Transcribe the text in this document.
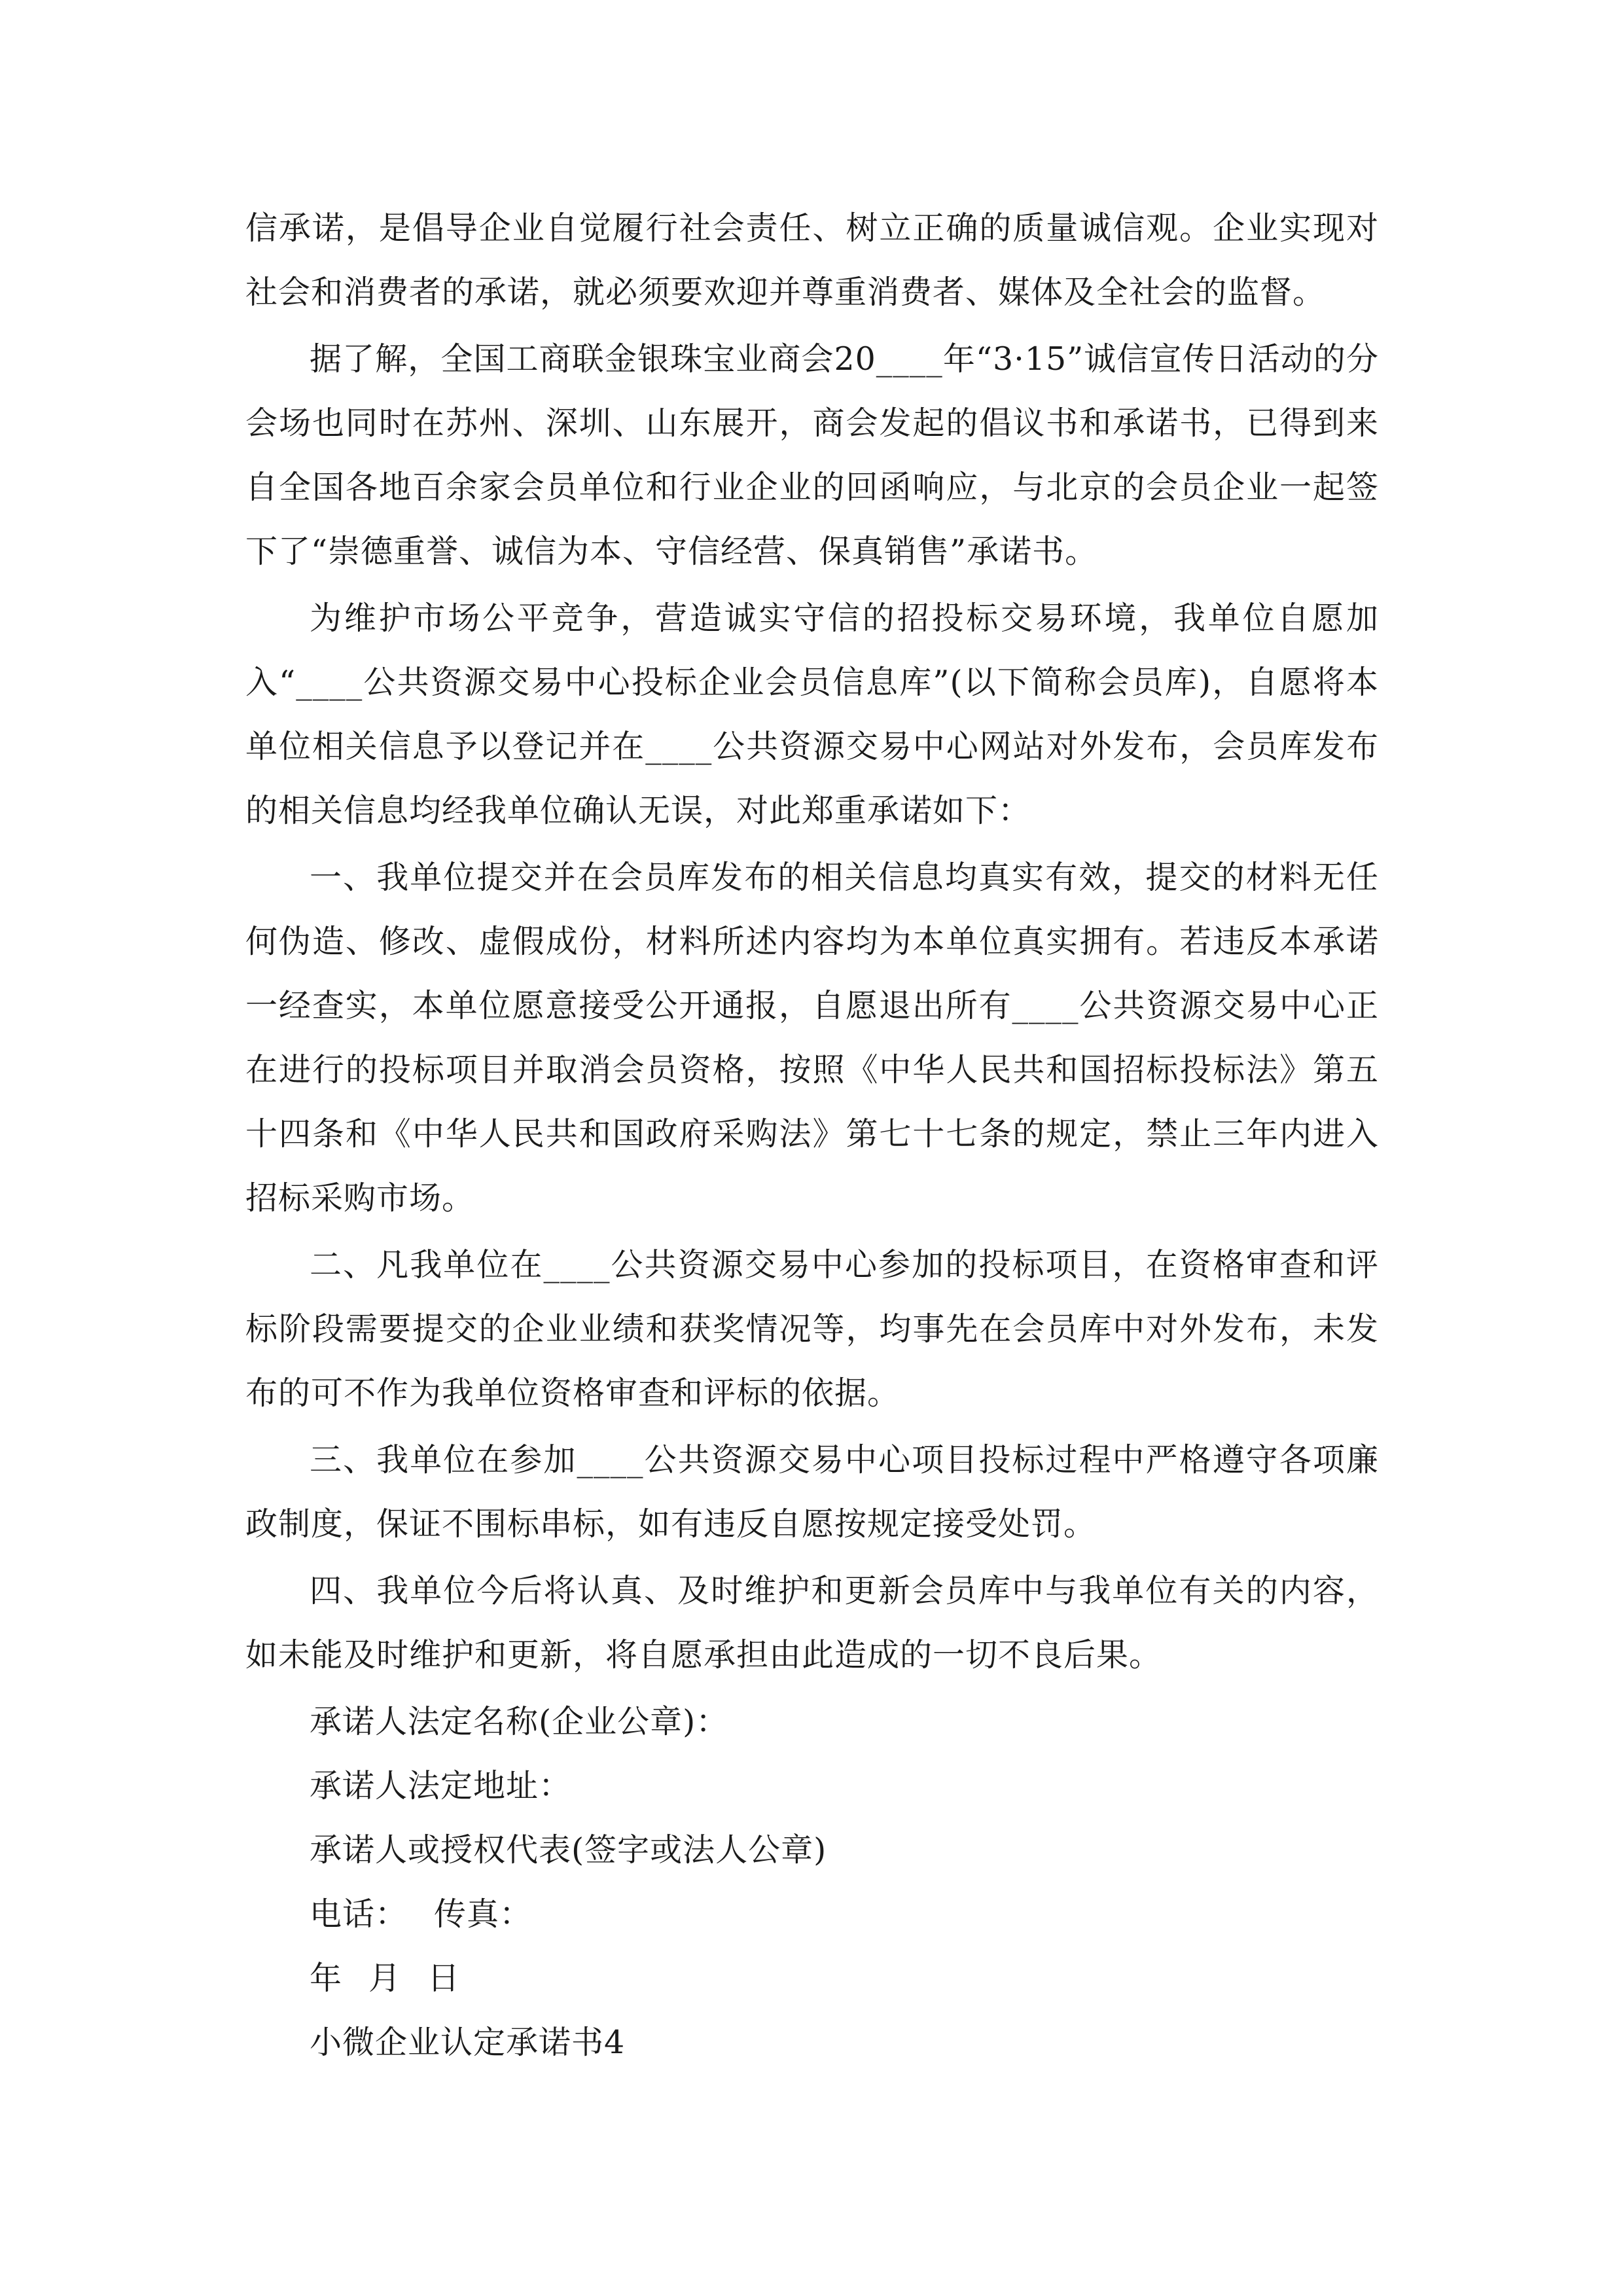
信承诺，是倡导企业自觉履行社会责任、树立正确的质量诚信观。企业实现对社会和消费者的承诺，就必须要欢迎并尊重消费者、媒体及全社会的监督。

据了解，全国工商联金银珠宝业商会20____年“3·15”诚信宣传日活动的分会场也同时在苏州、深圳、山东展开，商会发起的倡议书和承诺书，已得到来自全国各地百余家会员单位和行业企业的回函响应，与北京的会员企业一起签下了“崇德重誉、诚信为本、守信经营、保真销售”承诺书。

为维护市场公平竞争，营造诚实守信的招投标交易环境，我单位自愿加入“____公共资源交易中心投标企业会员信息库”(以下简称会员库)，自愿将本单位相关信息予以登记并在____公共资源交易中心网站对外发布，会员库发布的相关信息均经我单位确认无误，对此郑重承诺如下：

一、我单位提交并在会员库发布的相关信息均真实有效，提交的材料无任何伪造、修改、虚假成份，材料所述内容均为本单位真实拥有。若违反本承诺一经查实，本单位愿意接受公开通报，自愿退出所有____公共资源交易中心正在进行的投标项目并取消会员资格，按照《中华人民共和国招标投标法》第五十四条和《中华人民共和国政府采购法》第七十七条的规定，禁止三年内进入招标采购市场。

二、凡我单位在____公共资源交易中心参加的投标项目，在资格审查和评标阶段需要提交的企业业绩和获奖情况等，均事先在会员库中对外发布，未发布的可不作为我单位资格审查和评标的依据。

三、我单位在参加____公共资源交易中心项目投标过程中严格遵守各项廉政制度，保证不围标串标，如有违反自愿按规定接受处罚。

四、我单位今后将认真、及时维护和更新会员库中与我单位有关的内容，如未能及时维护和更新，将自愿承担由此造成的一切不良后果。

承诺人法定名称(企业公章)：

承诺人法定地址：

承诺人或授权代表(签字或法人公章)

电话： 传真：

年 月 日

小微企业认定承诺书4
